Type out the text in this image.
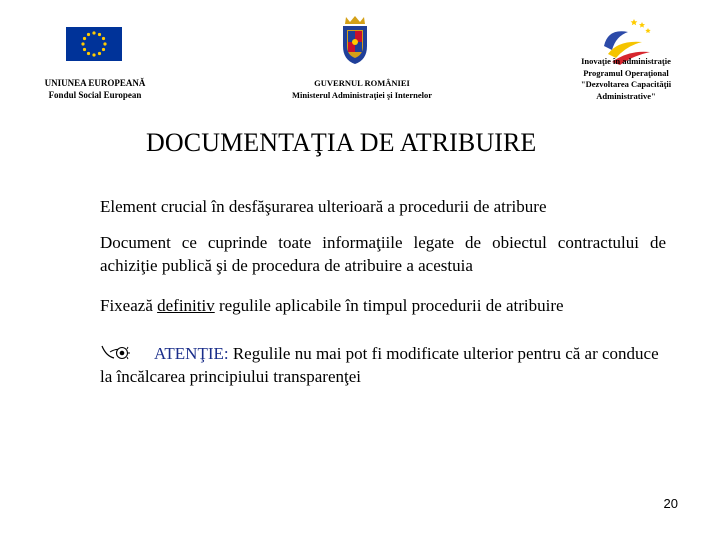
UNIUNEA EUROPEANĂ
Fondul Social European
GUVERNUL ROMÂNIEI
Ministerul Administraţiei şi Internelor
Inovaţie în administraţie
Programul Operaţional
"Dezvoltarea Capacităţii
Administrative"
DOCUMENTAŢIA DE ATRIBUIRE
Element crucial în desfăşurarea ulterioară a procedurii de atribure
Document ce cuprinde toate informaţiile legate de obiectul contractului de achiziţie publică şi de procedura de atribuire a acestuia
Fixează definitiv regulile aplicabile în timpul procedurii de atribuire
ATENŢIE: Regulile nu mai pot fi modificate ulterior pentru că ar conduce la încălcarea principiului transparenţei
20
